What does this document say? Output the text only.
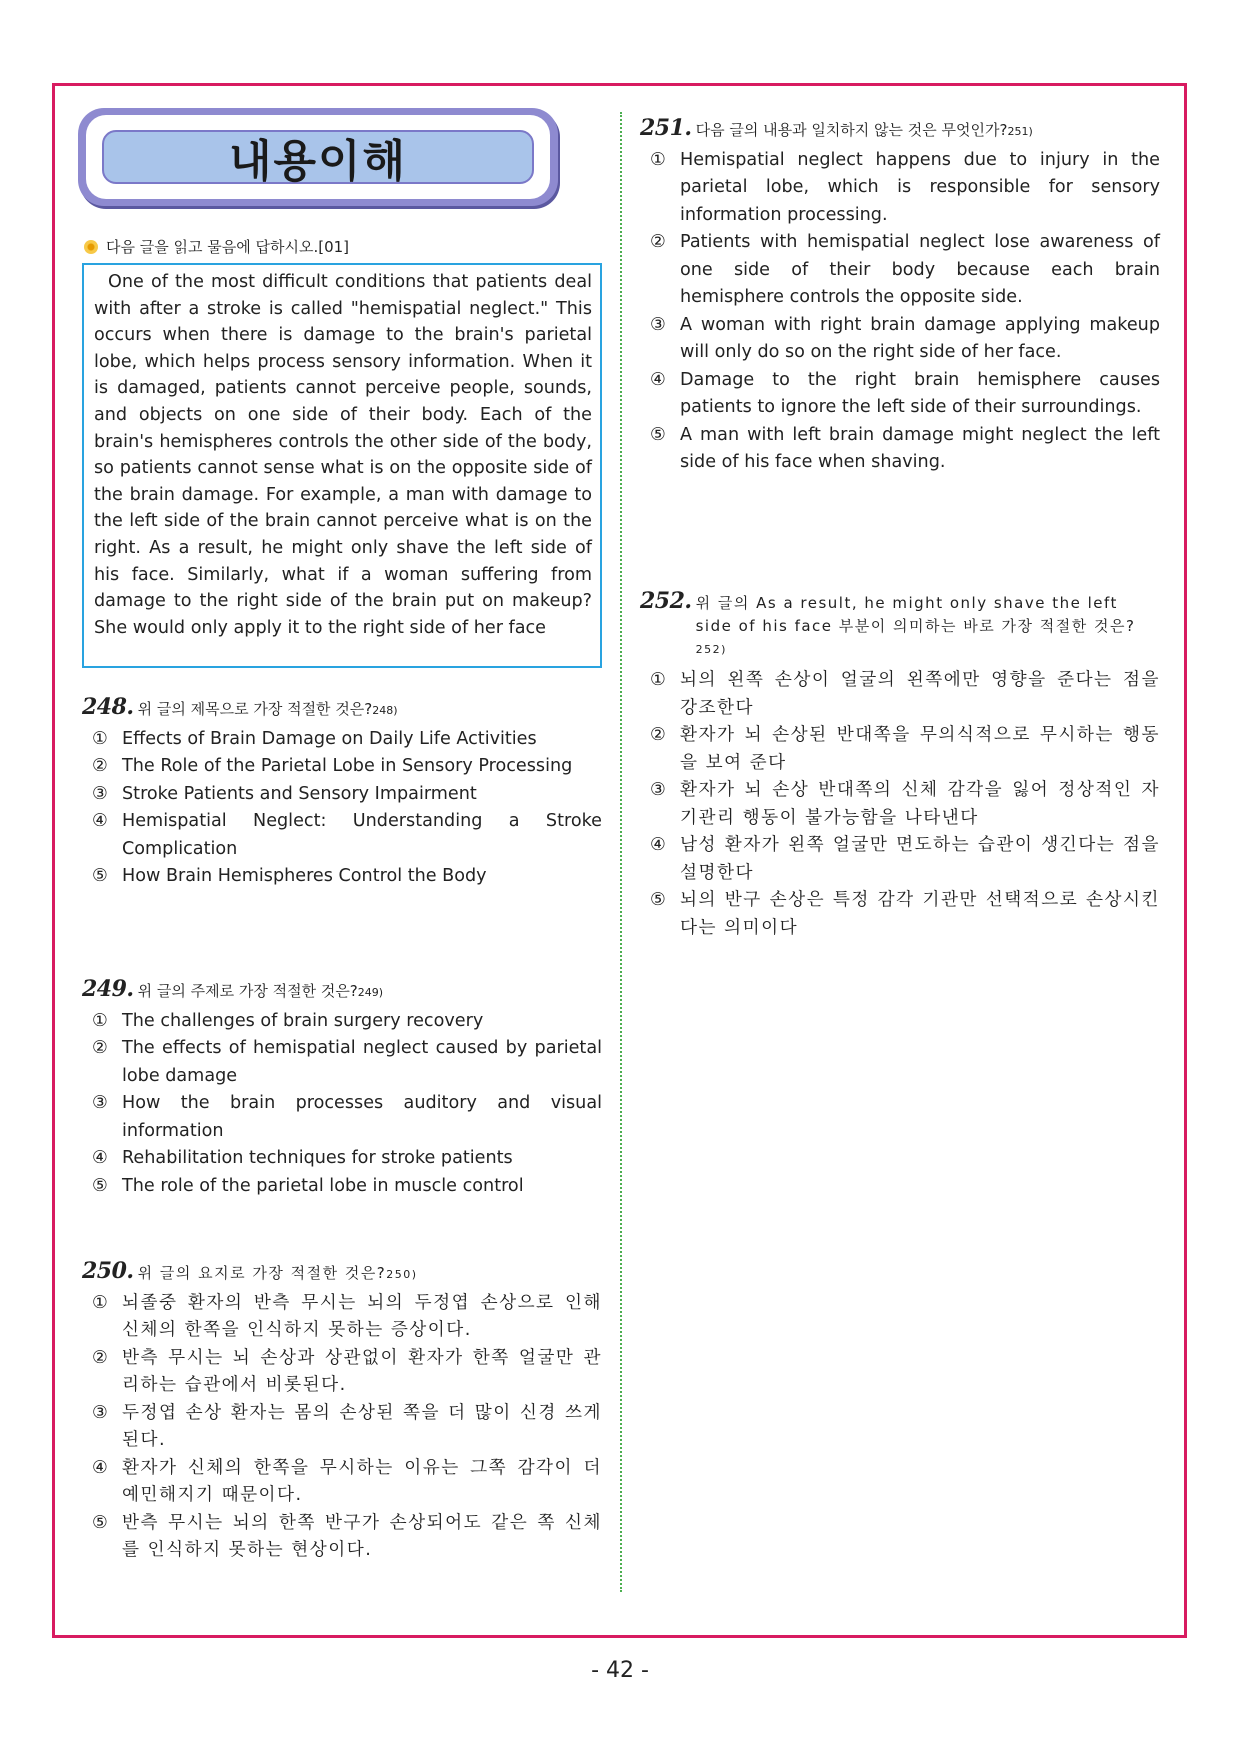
내용이해
다음 글을 읽고 물음에 답하시오.[01]

One of the most difficult conditions that patients deal with after a stroke is called "hemispatial neglect." This occurs when there is damage to the brain's parietal lobe, which helps process sensory information. When it is damaged, patients cannot perceive people, sounds, and objects on one side of their body. Each of the brain's hemispheres controls the other side of the body, so patients cannot sense what is on the opposite side of the brain damage. For example, a man with damage to the left side of the brain cannot perceive what is on the right. As a result, he might only shave the left side of his face. Similarly, what if a woman suffering from damage to the right side of the brain put on makeup? She would only apply it to the right side of her face

248. 위 글의 제목으로 가장 적절한 것은? 248)
① Effects of Brain Damage on Daily Life Activities
② The Role of the Parietal Lobe in Sensory Processing
③ Stroke Patients and Sensory Impairment
④ Hemispatial Neglect: Understanding a Stroke Complication
⑤ How Brain Hemispheres Control the Body
249. 위 글의 주제로 가장 적절한 것은? 249)
① The challenges of brain surgery recovery
② The effects of hemispatial neglect caused by parietal lobe damage
③ How the brain processes auditory and visual information
④ Rehabilitation techniques for stroke patients
⑤ The role of the parietal lobe in muscle control
250. 위 글의 요지로 가장 적절한 것은? 250)
① 뇌졸중 환자의 반측 무시는 뇌의 두정엽 손상으로 인해 신체의 한쪽을 인식하지 못하는 증상이다.
② 반측 무시는 뇌 손상과 상관없이 환자가 한쪽 얼굴만 관리하는 습관에서 비롯된다.
③ 두정엽 손상 환자는 몸의 손상된 쪽을 더 많이 신경 쓰게 된다.
④ 환자가 신체의 한쪽을 무시하는 이유는 그쪽 감각이 더 예민해지기 때문이다.
⑤ 반측 무시는 뇌의 한쪽 반구가 손상되어도 같은 쪽 신체를 인식하지 못하는 현상이다.
251. 다음 글의 내용과 일치하지 않는 것은 무엇인가? 251)
① Hemispatial neglect happens due to injury in the parietal lobe, which is responsible for sensory information processing.
② Patients with hemispatial neglect lose awareness of one side of their body because each brain hemisphere controls the opposite side.
③ A woman with right brain damage applying makeup will only do so on the right side of her face.
④ Damage to the right brain hemisphere causes patients to ignore the left side of their surroundings.
⑤ A man with left brain damage might neglect the left side of his face when shaving.
252. 위 글의 As a result, he might only shave the left side of his face 부분이 의미하는 바로 가장 적절한 것은?$^{252)}$
① 뇌의 왼쪽 손상이 얼굴의 왼쪽에만 영향을 준다는 점을 강조한다
② 환자가 뇌 손상된 반대쪽을 무의식적으로 무시하는 행동을 보여 준다
③ 환자가 뇌 손상 반대쪽의 신체 감각을 잃어 정상적인 자기관리 행동이 불가능함을 나타낸다
④ 남성 환자가 왼쪽 얼굴만 면도하는 습관이 생긴다는 점을 설명한다
⑤ 뇌의 반구 손상은 특정 감각 기관만 선택적으로 손상시킨다는 의미이다
- 42 -
